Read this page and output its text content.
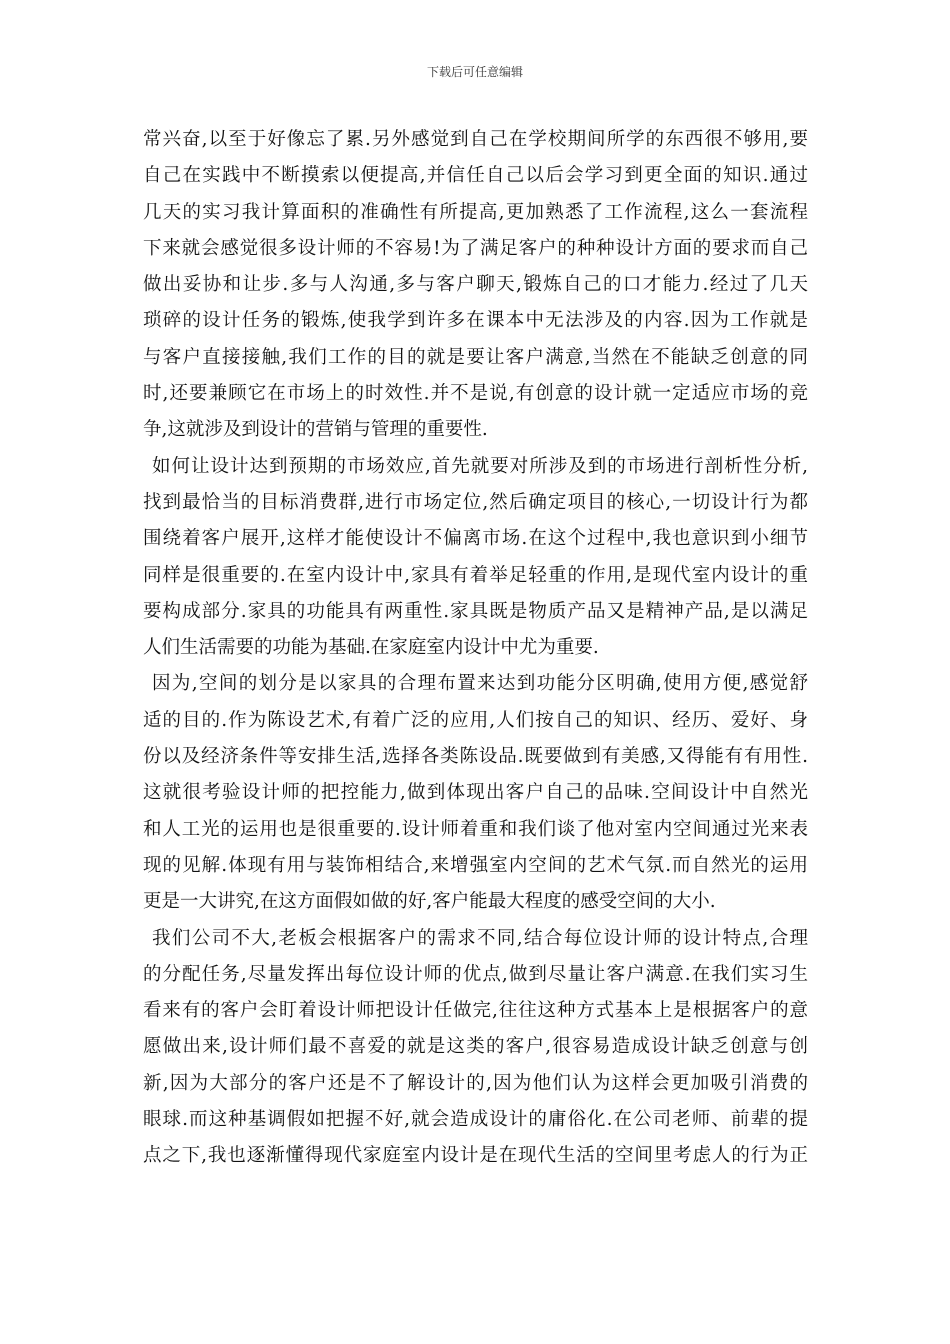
下载后可任意编辑
常兴奋,以至于好像忘了累.另外感觉到自己在学校期间所学的东西很不够用,要
自己在实践中不断摸索以便提高,并信任自己以后会学习到更全面的知识.通过
几天的实习我计算面积的准确性有所提高,更加熟悉了工作流程,这么一套流程
下来就会感觉很多设计师的不容易!为了满足客户的种种设计方面的要求而自己
做出妥协和让步.多与人沟通,多与客户聊天,锻炼自己的口才能力.经过了几天
琐碎的设计任务的锻炼,使我学到许多在课本中无法涉及的内容.因为工作就是
与客户直接接触,我们工作的目的就是要让客户满意,当然在不能缺乏创意的同
时,还要兼顾它在市场上的时效性.并不是说,有创意的设计就一定适应市场的竞
争,这就涉及到设计的营销与管理的重要性.
如何让设计达到预期的市场效应,首先就要对所涉及到的市场进行剖析性分析,
找到最恰当的目标消费群,进行市场定位,然后确定项目的核心,一切设计行为都
围绕着客户展开,这样才能使设计不偏离市场.在这个过程中,我也意识到小细节
同样是很重要的.在室内设计中,家具有着举足轻重的作用,是现代室内设计的重
要构成部分.家具的功能具有两重性.家具既是物质产品又是精神产品,是以满足
人们生活需要的功能为基础.在家庭室内设计中尤为重要.
因为,空间的划分是以家具的合理布置来达到功能分区明确,使用方便,感觉舒
适的目的.作为陈设艺术,有着广泛的应用,人们按自己的知识、经历、爱好、身
份以及经济条件等安排生活,选择各类陈设品.既要做到有美感,又得能有有用性.
这就很考验设计师的把控能力,做到体现出客户自己的品味.空间设计中自然光
和人工光的运用也是很重要的.设计师着重和我们谈了他对室内空间通过光来表
现的见解.体现有用与装饰相结合,来增强室内空间的艺术气氛.而自然光的运用
更是一大讲究,在这方面假如做的好,客户能最大程度的感受空间的大小.
我们公司不大,老板会根据客户的需求不同,结合每位设计师的设计特点,合理
的分配任务,尽量发挥出每位设计师的优点,做到尽量让客户满意.在我们实习生
看来有的客户会盯着设计师把设计任做完,往往这种方式基本上是根据客户的意
愿做出来,设计师们最不喜爱的就是这类的客户,很容易造成设计缺乏创意与创
新,因为大部分的客户还是不了解设计的,因为他们认为这样会更加吸引消费的
眼球.而这种基调假如把握不好,就会造成设计的庸俗化.在公司老师、前辈的提
点之下,我也逐渐懂得现代家庭室内设计是在现代生活的空间里考虑人的行为正
